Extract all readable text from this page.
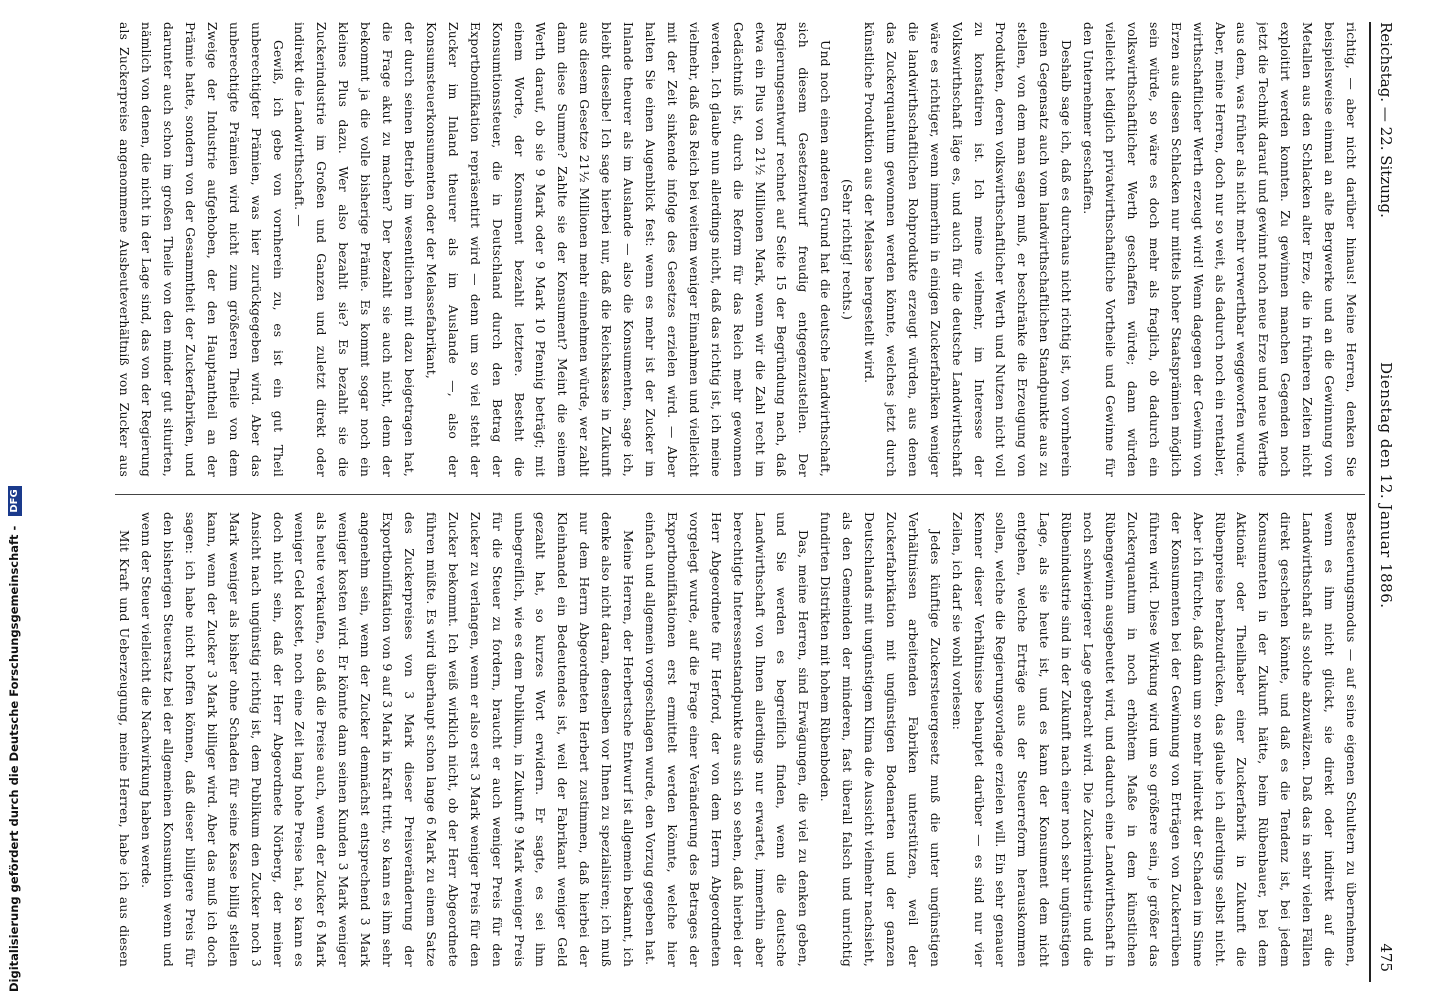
Reichstag. — 22. Sitzung.
Dienstag den 12. Januar 1886.
475

richtig, — aber nicht darüber hinaus! Meine Herren, denken Sie beispielsweise einmal an alte Bergwerke und an die Gewinnung von Metallen aus den Schlacken alter Erze, die in früheren Zeiten nicht exploitirt werden konnten. Zu gewinnen manchen Gegenden noch jetzt die Technik darauf und gewinnt noch neue Erze und neue Werthe aus dem, was früher als nicht mehr verwerthbar weggeworfen wurde. Aber, meine Herren, doch nur so weit, als dadurch noch ein rentabler, wirthschaftlicher Werth erzeugt wird! Wenn dagegen der Gewinn von Erzen aus diesen Schlacken nur mittels hoher Staatsprämien möglich sein würde, so wäre es doch mehr als fraglich, ob dadurch ein volkswirthschaftlicher Werth geschaffen würde; dann würden vielleicht lediglich privatwirthschaftliche Vortheile und Gewinne für den Unternehmer geschaffen.

Deshalb sage ich, daß es durchaus nicht richtig ist, von vornherein einen Gegensatz auch vom landwirthschaftlichen Standpunkte aus zu stellen, von dem man sagen muß, er beschränke die Erzeugung von Produkten, deren volkswirthschaftlicher Werth und Nutzen nicht voll zu konstatiren ist. Ich meine vielmehr, im Interesse der Volkswirthschaft läge es, und auch für die deutsche Landwirthschaft wäre es richtiger, wenn immerhin in einigen Zuckerfabriken weniger die landwirthschaftlichen Rohprodukte erzeugt würden, aus denen das Zuckerquantum gewonnen werden könnte, welches jetzt durch künstliche Produktion aus der Melasse hergestellt wird.

(Sehr richtig! rechts.)

Und noch einen anderen Grund hat die deutsche Landwirthschaft, sich diesem Gesetzentwurf freudig entgegenzustellen. Der Regierungsentwurf rechnet auf Seite 15 der Begründung nach, daß etwa ein Plus von 21½ Millionen Mark, wenn wir die Zahl recht im Gedächtniß ist, durch die Reform für das Reich mehr gewonnen werden. Ich glaube nun allerdings nicht, daß das richtig ist, ich meine vielmehr, daß das Reich bei weitem weniger Einnahmen und vielleicht mit der Zeit sinkende infolge des Gesetzes erzielen wird. — Aber halten Sie einen Augenblick fest: wenn es mehr ist der Zucker im Inlande theurer als im Auslande — also die Konsumenten, sage ich, bleibt dieselbe! Ich sage hierbei nur, daß die Reichskasse in Zukunft aus diesem Gesetze 21½ Millionen mehr einnehmen würde, wer zahlt dann diese Summe? Zahlte sie der Konsument? Meint die seinem Werth darauf, ob sie 9 Mark oder 9 Mark 10 Pfennig beträgt; mit einem Worte, der Konsument bezahlt letztere. Besteht die Konsumtionssteuer, die in Deutschland durch den Betrag der Exportbonifikation repräsentirt wird — denn um so viel steht der Zucker im Inland theurer als im Auslande —, also der Konsumsteuerkonsumenten oder der Melassefabrikant,

der durch seinen Betrieb im wesentlichen mit dazu beigetragen hat, die Frage akut zu machen? Der bezahlt sie auch nicht, denn der bekommt ja die volle bisherige Prämie. Es kommt sogar noch ein kleines Plus dazu. Wer also bezahlt sie? Es bezahlt sie die Zuckerindustrie im Großen und Ganzen und zuletzt direkt oder indirekt die Landwirthschaft. —

Gewiß, ich gebe von vornherein zu, es ist ein gut Theil unberechtigter Prämien, was hier zurückgegeben wird. Aber das unberechtigte Prämien wird nicht zum größeren Theile von dem Zweige der Industrie aufgehoben, der den Hauptantheil an der Prämie hatte, sondern von der Gesammtheit der Zuckerfabriken, und darunter auch schon im großen Theile von den minder gut situirten, nämlich von denen, die nicht in der Lage sind, das von der Regierung als Zuckerpreise angenommene Ausbeuteverhältniß von Zucker aus

Besteuerungsmodus — auf seine eigenen Schultern zu übernehmen, wenn es ihm nicht glückt, sie direkt oder indirekt auf die Landwirthschaft als solche abzuwälzen. Daß das in sehr vielen Fällen direkt geschehen könnte, und daß es die Tendenz ist, bei jedem Konsumenten in der Zukunft hätte, beim Rübenbauer, bei dem Aktionär oder Theilhaber einer Zuckerfabrik in Zukunft die Rübenpreise herabzudrücken, das glaube ich allerdings selbst nicht. Aber ich fürchte, daß dann um so mehr indirekt der Schaden im Sinne der Konsumenten bei der Gewinnung von Erträgen von Zuckerrüben führen wird. Diese Wirkung wird um so größere sein, je größer das Zuckerquantum in noch erhöhtem Maße in dem künstlichen Rübengewinn ausgebeutet wird, und dadurch eine Landwirthschaft in noch schwierigerer Lage gebracht wird. Die Zuckerindustrie und die Rübenindustrie sind in der Zukunft nach einer noch sehr ungünstigen Lage, als sie heute ist, und es kann der Konsument dem nicht entgehen, welche Erträge aus der Steuerreform herauskommen sollen, welche die Regierungsvorlage erzielen will. Ein sehr genauer Kenner dieser Verhältnisse behauptet darüber — es sind nur vier Zeilen, ich darf sie wohl vorlesen:

Jedes künftige Zuckersteuergesetz muß die unter ungünstigen Verhältnissen arbeitenden Fabriken unterstützen, weil der Zuckerfabrikation mit ungünstigen Bodenarten und der ganzen Deutschlands mit ungünstigem Klima die Aussicht vielmehr nachsieht, als den Gemeinden der minderen, fast überall falsch und unrichtig fundirten Distrikten mit hohem Rübenboden.

Das, meine Herren, sind Erwägungen, die viel zu denken geben, und Sie werden es begreiflich finden, wenn die deutsche Landwirthschaft von Ihnen allerdings nur erwartet, immerhin aber berechtigte Interessenstandpunkte aus sich so sehen, daß hierbei der Herr Abgeordnete für Herford, der von dem Herrn Abgeordneten vorgelegt wurde, auf die Frage einer Veränderung des Betrages der Exportbonifikationen erst ermittelt werden könnte, welche hier einfach und allgemein vorgeschlagen wurde, den Vorzug gegeben hat.

Meine Herren, der Herbertsche Entwurf ist allgemein bekannt, ich denke also nicht daran, denselben vor Ihnen zu spezialisiren; ich muß nur dem Herrn Abgeordneten Herbert zustimmen, daß hierbei der Kleinhandel ein Bedeutendes ist, weil der Fabrikant weniger Geld gezahlt hat, so kurzes Wort erwidern. Er sagte, es sei ihm unbegreiflich, wie es dem Publikum, in Zukunft 9 Mark weniger Preis für die Steuer zu fordern, braucht er auch weniger Preis für den Zucker zu verlangen, wenn er also erst 3 Mark weniger Preis für den Zucker bekommt. Ich weiß wirklich nicht, ob der Herr Abgeordnete führen müßte. Es wird überhaupt schon lange 6 Mark zu einem Satze des Zuckerpreises von 3 Mark dieser Preisveränderung der Exportbonifikation von 9 auf 3 Mark in Kraft tritt, so kann es ihm sehr angenehm sein, wenn der Zucker demnächst entsprechend 3 Mark weniger kosten wird. Er könnte dann seinen Kunden 3 Mark weniger als heute verkaufen, so daß die Preise auch, wenn der Zucker 6 Mark weniger Geld kostet, noch eine Zeit lang hohe Preise hat, so kann es doch nicht sein, daß der Herr Abgeordnete Nörberg, der meiner Ansicht nach ungünstig richtig ist, dem Publikum den Zucker noch 3 Mark weniger als bisher ohne Schaden für seine Kasse billig stellen kann, wenn der Zucker 3 Mark billiger wird. Aber das muß ich doch sagen: ich habe nicht hoffen können, daß dieser billigere Preis für den bisherigen Steuersatz bei der allgemeinen Konsumtion wenn und wenn der Steuer vielleicht die Nachwirkung haben werde.

Mit Kraft und Ueberzeugung, meine Herren, habe ich aus diesen

Digitalisierung gefördert durch die Deutsche Forschungsgemeinschaft - DFG
